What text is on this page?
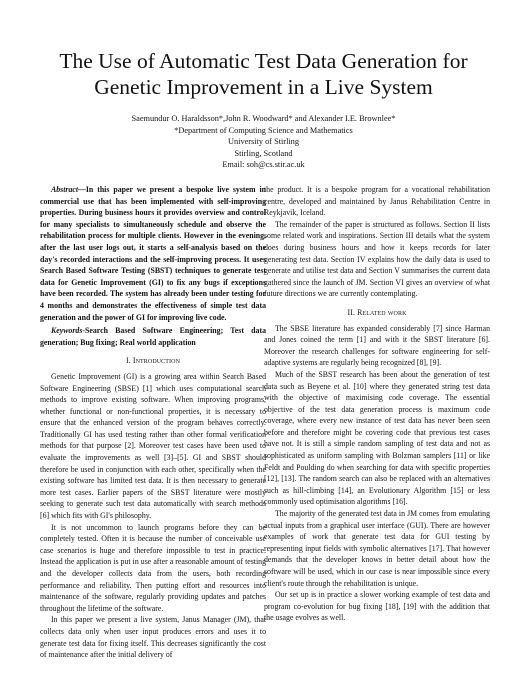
The Use of Automatic Test Data Generation for
Genetic Improvement in a Live System
Saemundur O. Haraldsson*,John R. Woodward* and Alexander I.E. Brownlee*
*Department of Computing Science and Mathematics
University of Stirling
Stirling, Scotland
Email: soh@cs.stir.ac.uk

Abstract—In this paper we present a bespoke live system in commercial use that has been implemented with self-improving properties. During business hours it provides overview and control for many specialists to simultaneously schedule and observe the rehabilitation process for multiple clients. However in the evening, after the last user logs out, it starts a self-analysis based on the day's recorded interactions and the self-improving process. It uses Search Based Software Testing (SBST) techniques to generate test data for Genetic Improvement (GI) to fix any bugs if exceptions have been recorded. The system has already been under testing for 4 months and demonstrates the effectiveness of simple test data generation and the power of GI for improving live code.

Keywords-Search Based Software Engineering; Test data generation; Bug fixing; Real world application

I. Introduction

Genetic Improvement (GI) is a growing area within Search Based Software Engineering (SBSE) [1] which uses computational search methods to improve existing software. When improving programs, whether functional or non-functional properties, it is necessary to ensure that the enhanced version of the program behaves correctly. Traditionally GI has used testing rather than other formal verification methods for that purpose [2]. Moreover test cases have been used to evaluate the improvements as well [3]–[5]. GI and SBST should therefore be used in conjunction with each other, specifically when the existing software has limited test data. It is then necessary to generate more test cases. Earlier papers of the SBST literature were mostly seeking to generate such test data automatically with search methods [6] which fits with GI's philosophy.

It is not uncommon to launch programs before they can be completely tested. Often it is because the number of conceivable use case scenarios is huge and therefore impossible to test in practice. Instead the application is put in use after a reasonable amount of testing and the developer collects data from the users, both recording performance and reliability. Then putting effort and resources into maintenance of the software, regularly providing updates and patches throughout the lifetime of the software.

In this paper we present a live system, Janus Manager (JM), that collects data only when user input produces errors and uses it to generate test data for fixing itself. This decreases significantly the cost of maintenance after the initial delivery of

the product. It is a bespoke program for a vocational rehabilitation centre, developed and maintained by Janus Rehabilitation Centre in Reykjavik, Iceland.

The remainder of the paper is structured as follows. Section II lists some related work and inspirations. Section III details what the system does during business hours and how it keeps records for later generating test data. Section IV explains how the daily data is used to generate and utilise test data and Section V summarises the current data gathered since the launch of JM. Section VI gives an overview of what future directions we are currently contemplating.

II. Related work

The SBSE literature has expanded considerably [7] since Harman and Jones coined the term [1] and with it the SBST literature [6]. Moreover the research challenges for software engineering for self-adaptive systems are regularly being recognized [8], [9].

Much of the SBST research has been about the generation of test data such as Beyene et al. [10] where they generated string test data with the objective of maximising code coverage. The essential objective of the test data generation process is maximum code coverage, where every new instance of test data has never been seen before and therefore might be covering code that previous test cases have not. It is still a simple random sampling of test data and not as sophisticated as uniform sampling with Bolzman samplers [11] or like Feldt and Poulding do when searching for data with specific properties [12], [13]. The random search can also be replaced with an alternatives such as hill-climbing [14], an Evolutionary Algorithm [15] or less commonly used optimisation algorithms [16].

The majority of the generated test data in JM comes from emulating actual inputs from a graphical user interface (GUI). There are however examples of work that generate test data for GUI testing by representing input fields with symbolic alternatives [17]. That however demands that the developer knows in better detail about how the software will be used, which in our case is near impossible since every client's route through the rehabilitation is unique.

Our set up is in practice a slower working example of test data and program co-evolution for bug fixing [18], [19] with the addition that the usage evolves as well.
